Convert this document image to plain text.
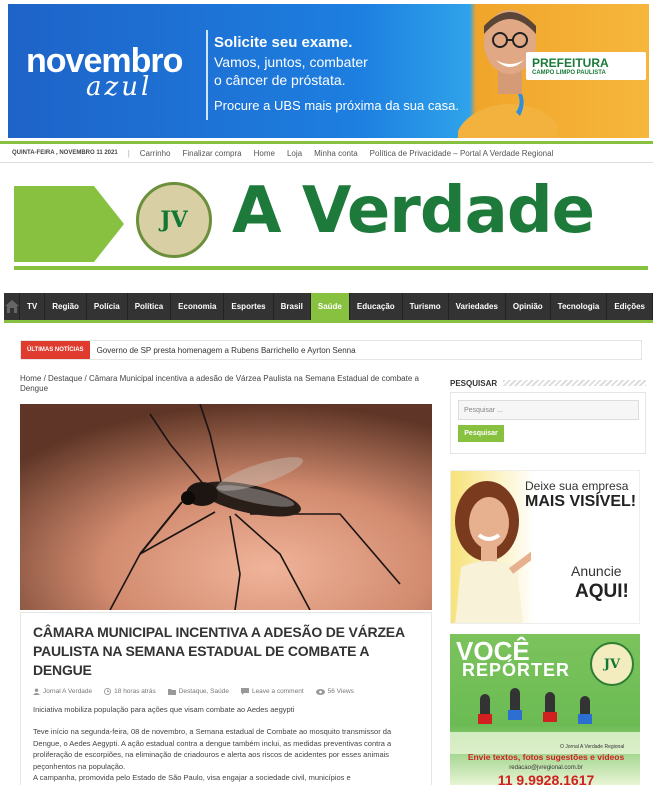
novembro
azul
Solicite seu exame.
Vamos, juntos, combater
o câncer de próstata.
Procure a UBS mais próxima da sua casa.
PREFEITURA
CAMPO LIMPO PAULISTA
QUINTA-FEIRA , NOVEMBRO 11 2021 | Carrinho Finalizar compra Home Loja Minha conta Política de Privacidade – Portal A Verdade Regional
JV A Verdade
TV	Região	Polícia	Política	Economia	Esportes	Brasil	Saúde	Educação	Turismo	Variedades	Opinião	Tecnologia	Edições
ÚLTIMAS NOTÍCIAS	Governo de SP presta homenagem a Rubens Barrichello e Ayrton Senna
Home / Destaque / Câmara Municipal incentiva a adesão de Várzea Paulista na Semana Estadual de combate a Dengue
CÂMARA MUNICIPAL INCENTIVA A ADESÃO DE VÁRZEA PAULISTA NA SEMANA ESTADUAL DE COMBATE A DENGUE
Jornal A Verdade	18 horas atrás	Destaque, Saúde	Leave a comment	56 Views

Iniciativa mobiliza população para ações que visam combate ao Aedes aegypti

Teve início na segunda-feira, 08 de novembro, a Semana estadual de Combate ao mosquito transmissor da Dengue, o Aedes Aegypti. A ação estadual contra a dengue também inclui, as medidas preventivas contra a proliferação de escorpiões, na eliminação de criadouros e alerta aos riscos de acidentes por esses animais peçonhentos na população.

A campanha, promovida pelo Estado de São Paulo, visa engajar a sociedade civil, municípios e

PESQUISAR
Pesquisar ...
Pesquisar
Deixe sua empresa
MAIS VISÍVEL!
Anuncie
AQUI!
VOCÊ
REPÓRTER	JV
O Jornal A Verdade Regional
Envie textos, fotos sugestões e vídeos
redacao@jvregional.com.br
11 9.9928.1617
